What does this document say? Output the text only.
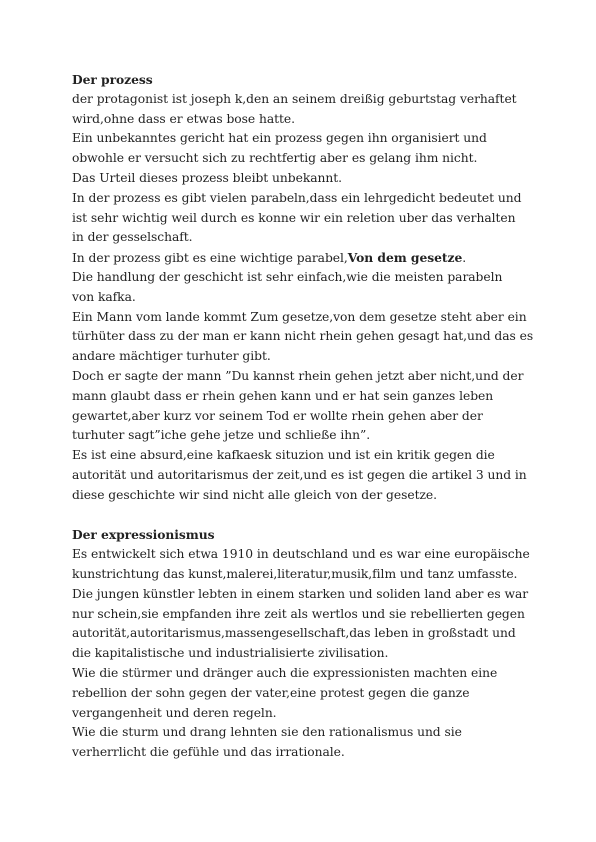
Der prozess
der protagonist ist joseph k,den an seinem dreißig geburtstag verhaftet
wird,ohne dass er etwas bose hatte.
Ein unbekanntes gericht hat ein prozess gegen ihn organisiert und
obwohle er versucht sich zu rechtfertig aber es gelang ihm nicht.
Das Urteil dieses prozess bleibt unbekannt.
In der prozess es gibt vielen parabeln,dass ein lehrgedicht bedeutet und
ist sehr wichtig weil durch es konne wir ein reletion uber das verhalten
in der gesselschaft.
In der prozess gibt es eine wichtige parabel,Von dem gesetze.
Die handlung der geschicht ist sehr einfach,wie die meisten parabeln
von kafka.
Ein Mann vom lande kommt Zum gesetze,von dem gesetze steht aber ein
türhüter dass zu der man er kann nicht rhein gehen gesagt hat,und das es
andare mächtiger turhuter gibt.
Doch er sagte der mann ”Du kannst rhein gehen jetzt aber nicht,und der
mann glaubt dass er rhein gehen kann und er hat sein ganzes leben
gewartet,aber kurz vor seinem Tod er wollte rhein gehen aber der
turhuter sagt”iche gehe jetze und schließe ihn”.
Es ist eine absurd,eine kafkaesk situzion und ist ein kritik gegen die
autorität und autoritarismus der zeit,und es ist gegen die artikel 3 und in
diese geschichte wir sind nicht alle gleich von der gesetze.
Der expressionismus
Es entwickelt sich etwa 1910 in deutschland und es war eine europäische
kunstrichtung das kunst,malerei,literatur,musik,film und tanz umfasste.
Die jungen künstler lebten in einem starken und soliden land aber es war
nur schein,sie empfanden ihre zeit als wertlos und sie rebellierten gegen
autorität,autoritarismus,massengesellschaft,das leben in großstadt und
die kapitalistische und industrialisierte zivilisation.
Wie die stürmer und dränger auch die expressionisten machten eine
rebellion der sohn gegen der vater,eine protest gegen die ganze
vergangenheit und deren regeln.
Wie die sturm und drang lehnten sie den rationalismus und sie
verherrlicht die gefühle und das irrationale.
